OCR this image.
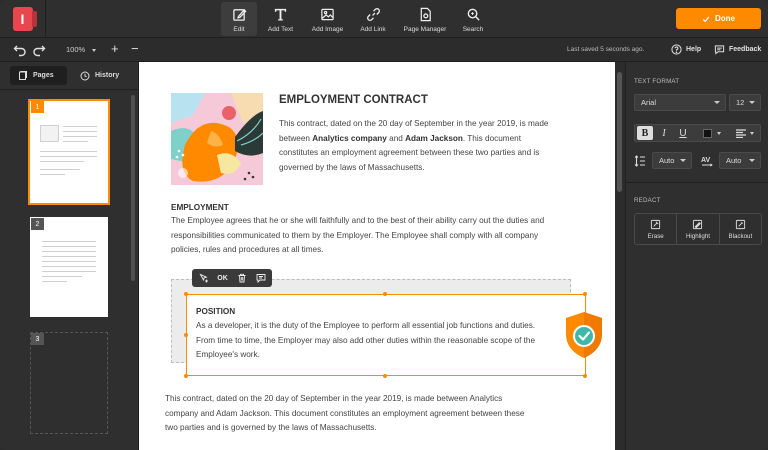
I
Edit	Add Text	Add Image	Add Link	Page Manager	Search
Done
100%	+ −	Last saved 5 seconds ago.	Help	Feedback
Pages	History
1
2
3
EMPLOYMENT CONTRACT
This contract, dated on the 20 day of September in the year 2019, is made between Analytics company and Adam Jackson. This document constitutes an employment agreement between these two parties and is governed by the laws of Massachusetts.
EMPLOYMENT
The Employee agrees that he or she will faithfully and to the best of their ability carry out the duties and responsibilities communicated to them by the Employer. The Employee shall comply with all company policies, rules and procedures at all times.
OK
POSITION
As a developer, it is the duty of the Employee to perform all essential job functions and duties. From time to time, the Employer may also add other duties within the reasonable scope of the Employee's work.
This contract, dated on the 20 day of September in the year 2019, is made between Analytics company and Adam Jackson. This document constitutes an employment agreement between these two parties and is governed by the laws of Massachusetts.
TEXT FORMAT
Arial	12
B	I	U
Auto	AV Auto
REDACT
Erase	Highlight	Blackout
